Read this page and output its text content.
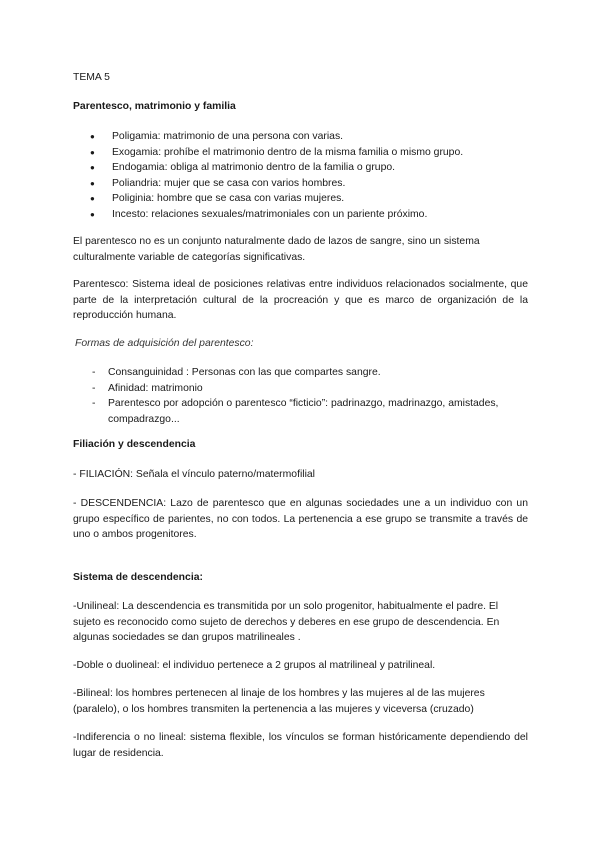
TEMA 5

Parentesco, matrimonio y familia

● Poligamia: matrimonio de una persona con varias.
● Exogamia: prohíbe el matrimonio dentro de la misma familia o mismo grupo.
● Endogamia: obliga al matrimonio dentro de la familia o grupo.
● Poliandria: mujer que se casa con varios hombres.
● Poliginia: hombre que se casa con varias mujeres.
● Incesto: relaciones sexuales/matrimoniales con un pariente próximo.

El parentesco no es un conjunto naturalmente dado de lazos de sangre, sino un sistema culturalmente variable de categorías significativas.

Parentesco: Sistema ideal de posiciones relativas entre individuos relacionados socialmente, que parte de la interpretación cultural de la procreación y que es marco de organización de la reproducción humana.

Formas de adquisición del parentesco:

- Consanguinidad : Personas con las que compartes sangre.
- Afinidad: matrimonio
- Parentesco por adopción o parentesco “ficticio”: padrinazgo, madrinazgo, amistades, compadrazgo...

Filiación y descendencia

- FILIACIÓN: Señala el vínculo paterno/matermofilial

- DESCENDENCIA: Lazo de parentesco que en algunas sociedades une a un individuo con un grupo específico de parientes, no con todos. La pertenencia a ese grupo se transmite a través de uno o ambos progenitores.

Sistema de descendencia:

-Unilineal: La descendencia es transmitida por un solo progenitor, habitualmente el padre. El sujeto es reconocido como sujeto de derechos y deberes en ese grupo de descendencia. En algunas sociedades se dan grupos matrilineales .

-Doble o duolineal: el individuo pertenece a 2 grupos al matrilineal y patrilineal.

-Bilineal: los hombres pertenecen al linaje de los hombres y las mujeres al de las mujeres (paralelo), o los hombres transmiten la pertenencia a las mujeres y viceversa (cruzado)

-Indiferencia o no lineal: sistema flexible, los vínculos se forman históricamente dependiendo del lugar de residencia.
